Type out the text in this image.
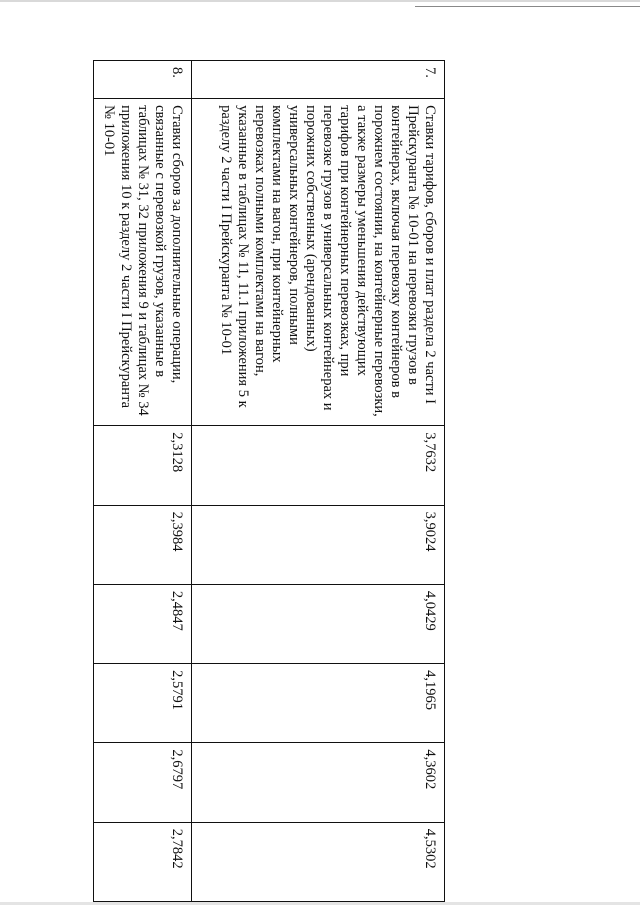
7.	Ставки тарифов, сборов и плат раздела 2 части I Прейскуранта № 10-01 на перевозки грузов в контейнерах, включая перевозку контейнеров в порожнем состоянии, на контейнерные перевозки, а также размеры уменьшения действующих тарифов при контейнерных перевозках, при перевозке грузов в универсальных контейнерах и порожних собственных (арендованных) универсальных контейнеров, полными комплектами на вагон, при контейнерных перевозках полными комплектами на вагон, указанные в таблицах № 11, 11.1 приложения 5 к разделу 2 части I Прейскуранта № 10-01	3,7632	3,9024	4,0429	4,1965	4,3602	4,5302
8.	Ставки сборов за дополнительные операции, связанные с перевозкой грузов, указанные в таблицах № 31, 32 приложения 9 и таблицах № 34 приложения 10 к разделу 2 части I Прейскуранта № 10-01	2,3128	2,3984	2,4847	2,5791	2,6797	2,7842
